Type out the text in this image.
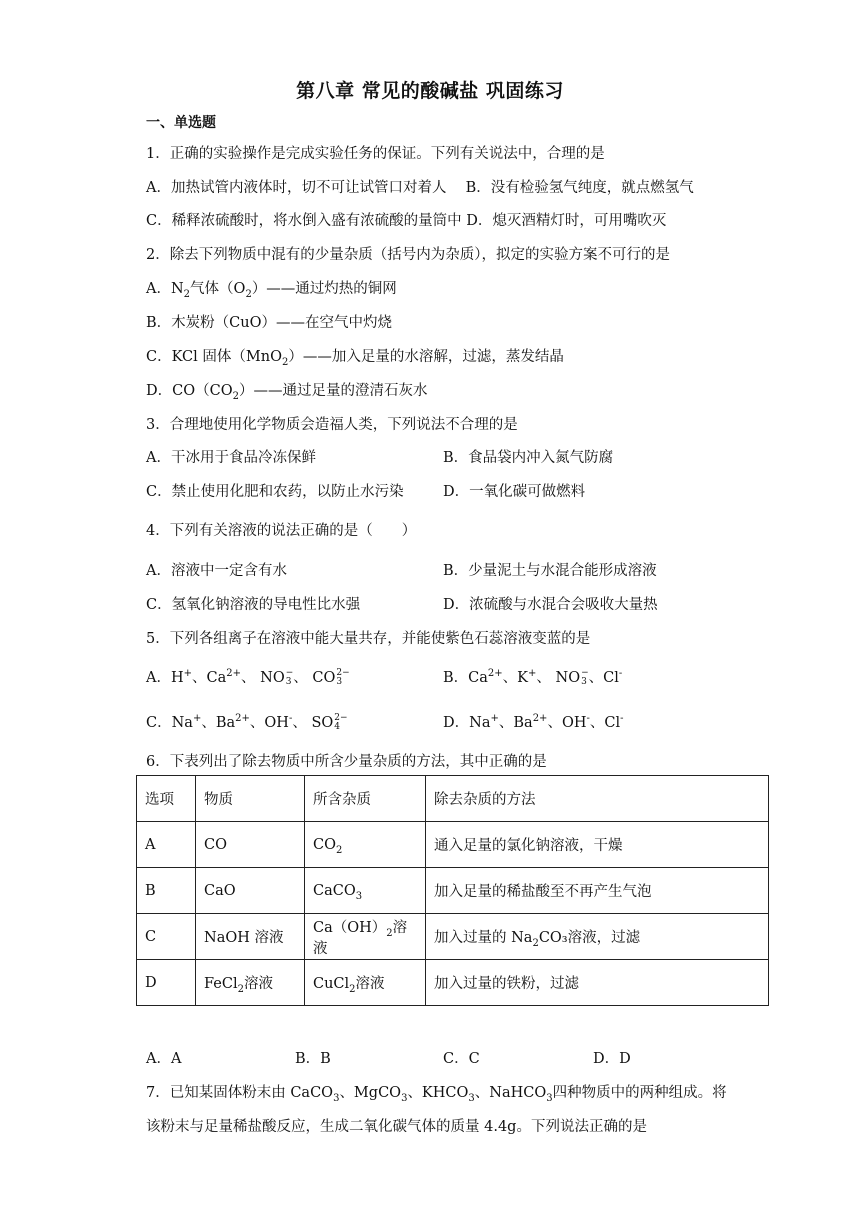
第八章 常见的酸碱盐 巩固练习
一、单选题
1．正确的实验操作是完成实验任务的保证。下列有关说法中，合理的是
A．加热试管内液体时，切不可让试管口对着人　 B．没有检验氢气纯度，就点燃氢气
C．稀释浓硫酸时，将水倒入盛有浓硫酸的量筒中 D．熄灭酒精灯时，可用嘴吹灭
2．除去下列物质中混有的少量杂质（括号内为杂质），拟定的实验方案不可行的是
A．$N_2$气体$(O_2)——$通过灼热的铜网
B．木炭粉（CuO）——在空气中灼烧
C．KCl 固体（MnO$_2$）——加入足量的水溶解，过滤，蒸发结晶
D．$CO(CO_2)——$通过足量的澄清石灰水
3．合理地使用化学物质会造福人类，下列说法不合理的是
A．干冰用于食品冷冻保鲜	B．食品袋内冲入氮气防腐
C．禁止使用化肥和农药，以防止水污染	D．一氧化碳可做燃料
4．下列有关溶液的说法正确的是（　　）
A．溶液中一定含有水	B．少量泥土与水混合能形成溶液
C．氢氧化钠溶液的导电性比水强	D．浓硫酸与水混合会吸收大量热
5．下列各组离子在溶液中能大量共存，并能使紫色石蕊溶液变蓝的是
A．H+、$Ca^{2+}$、 NO −
3 、 CO 2−
3	B．$Ca^{2+}$、K+、 NO −
3 、Cl-
C．Na+、$Ba^{2+}$、OH-、 SO 2−
4	D．Na+、$Ba^{2+}$、OH-、Cl-
6．下表列出了除去物质中所含少量杂质的方法，其中正确的是
选项	物质	所含杂质	除去杂质的方法
A	CO	$CO_2$	通入足量的氯化钠溶液，干燥
B	CaO	CaCO$_3$	加入足量的稀盐酸至不再产生气泡
C	NaOH 溶液	$Ca(OH)_2$溶液	加入过量的 $Na_2CO_3$溶液，过滤
D	FeCl$_2$溶液	CuCl$_2$溶液	加入过量的铁粉，过滤
A．A	B．B	C．C	D．D
7．已知某固体粉末由 CaCO$_3$、MgCO$_3$、$KHCO_3$、NaHCO$_3$四种物质中的两种组成。将
该粉末与足量稀盐酸反应，生成二氧化碳气体的质量 4.4g。下列说法正确的是
